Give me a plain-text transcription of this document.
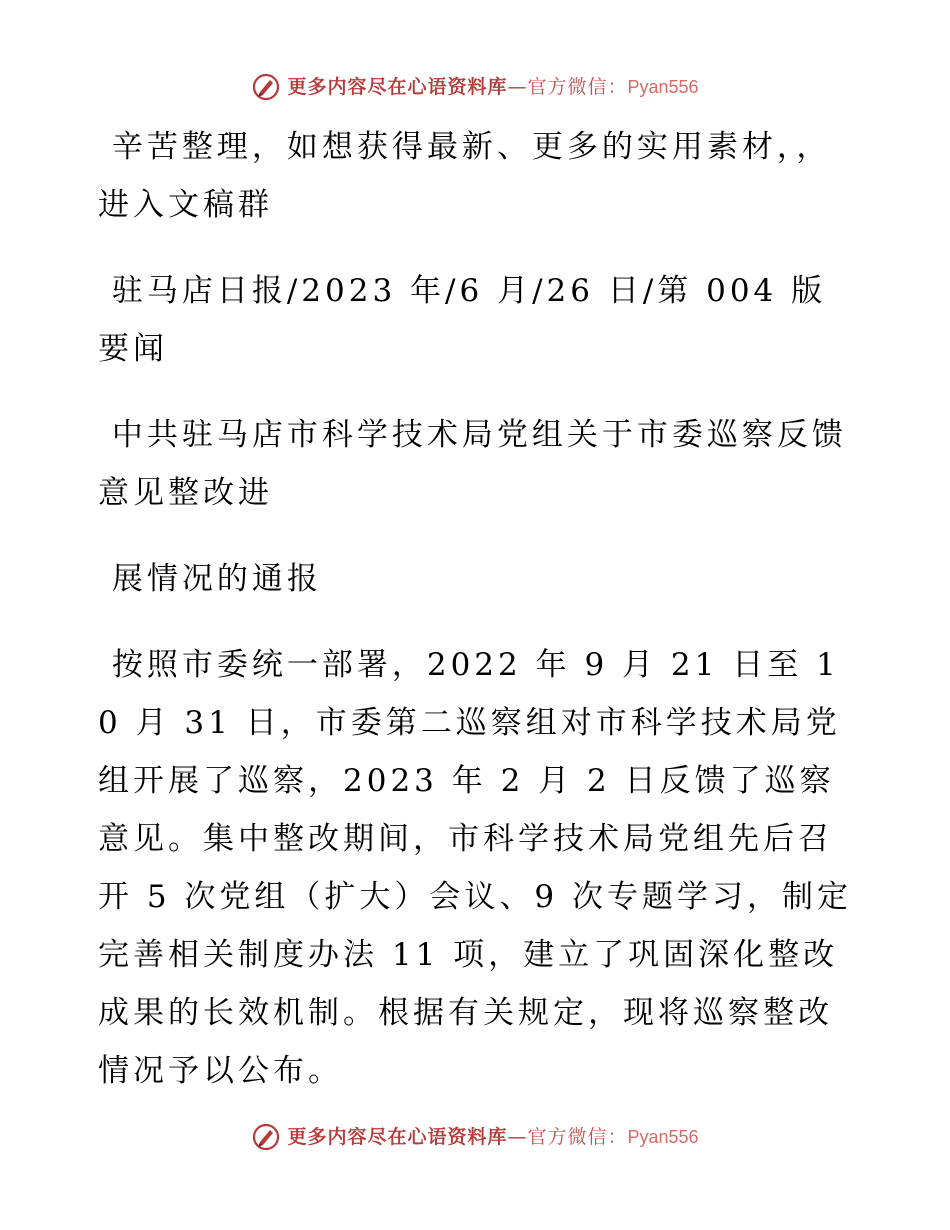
更多内容尽在心语资料库—官方微信：Pyan556

辛苦整理，如想获得最新、更多的实用素材，，

进入文稿群

驻马店日报/2023 年/6 月/26 日/第 004 版要闻

中共驻马店市科学技术局党组关于市委巡察反馈

意见整改进

展情况的通报

按照市委统一部署，2022 年 9 月 21 日至 10 月 31 日，市委第二巡察组对市科学技术局党组开展了巡察，2023 年 2 月 2 日反馈了巡察意见。集中整改期间，市科学技术局党组先后召开 5 次党组（扩大）会议、9 次专题学习，制定完善相关制度办法 11 项，建立了巩固深化整改成果的长效机制。根据有关规定，现将巡察整改情况予以公布。

更多内容尽在心语资料库—官方微信：Pyan556
